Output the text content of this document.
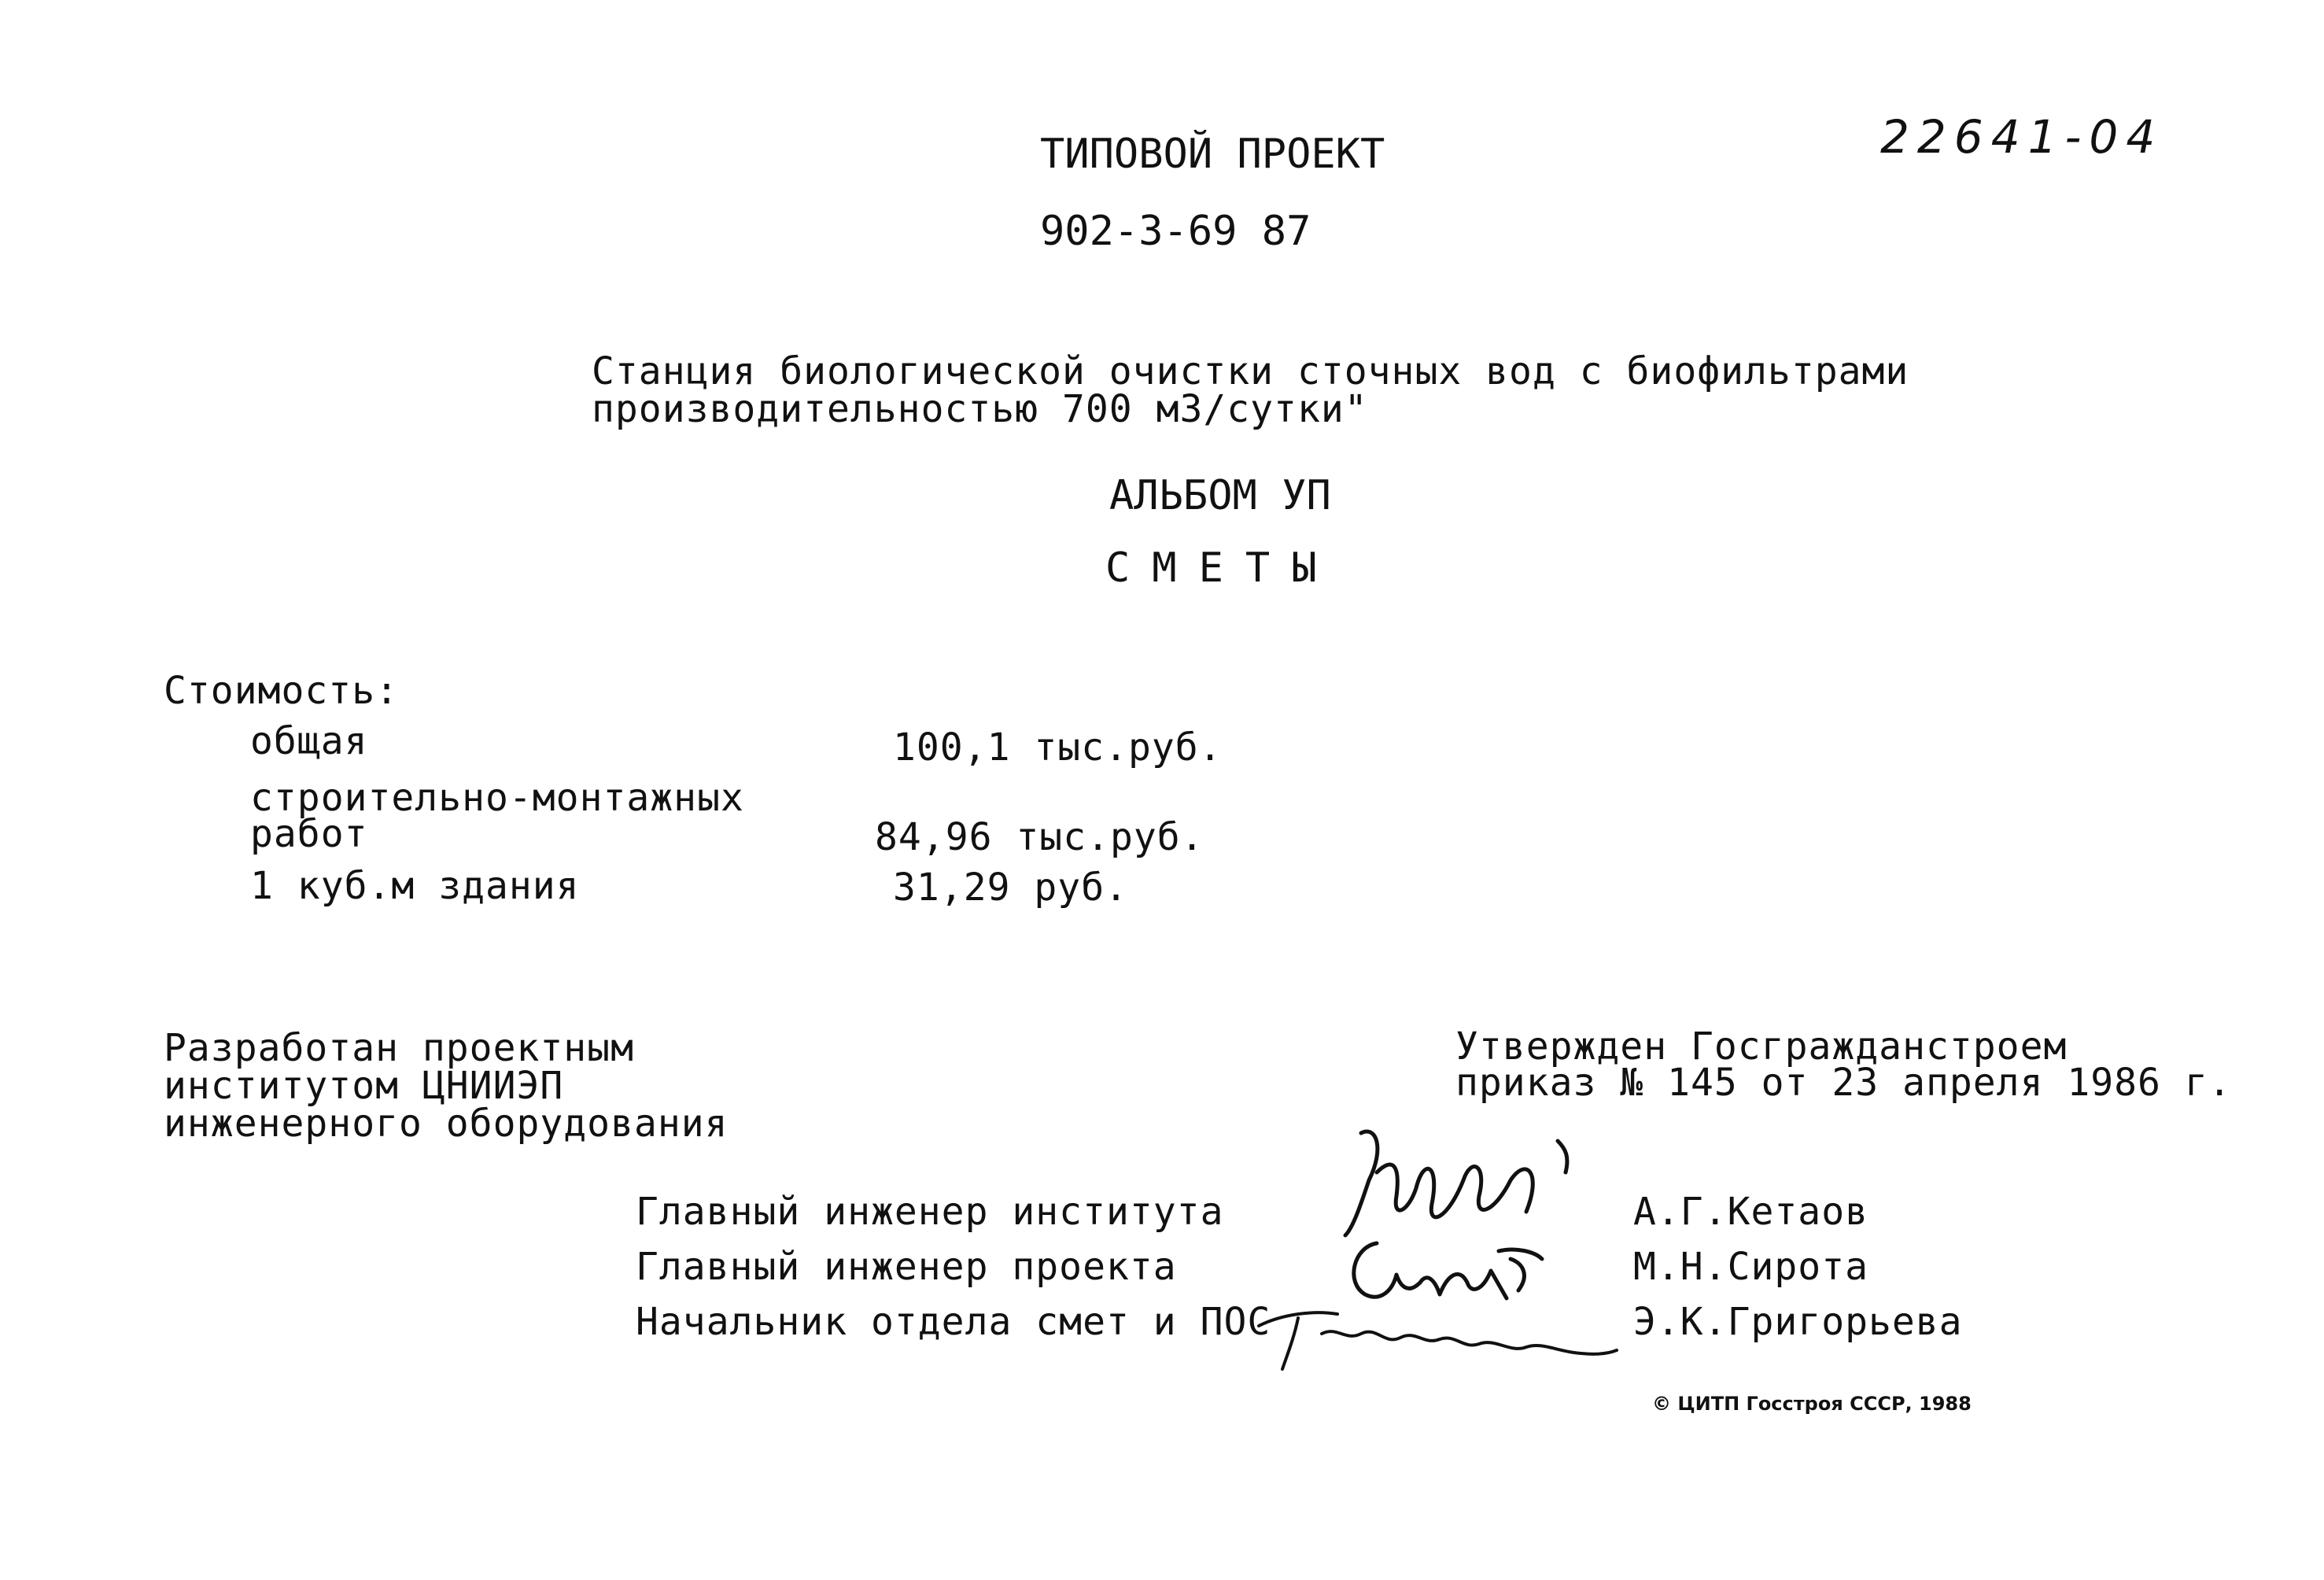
ТИПОВОЙ ПРОЕКТ
902-3-69 87
22641-04
Станция биологической очистки сточных вод с биофильтрами
производительностью 700 м3/сутки"
АЛЬБОМ УП
СМЕТЫ
Стоимость:
общая	100,1 тыс.руб.
строительно-монтажных
работ	84,96 тыс.руб.
1 куб.м здания	31,29 руб.
Разработан проектным
институтом ЦНИИЭП
инженерного оборудования
Утвержден Госгражданстроем
приказ № 145 от 23 апреля 1986 г.
Главный инженер института
Главный инженер проекта
Начальник отдела смет и ПОС
А.Г.Кетаов
М.Н.Сирота
Э.К.Григорьева
© ЦИТП Госстроя СССР, 1988
